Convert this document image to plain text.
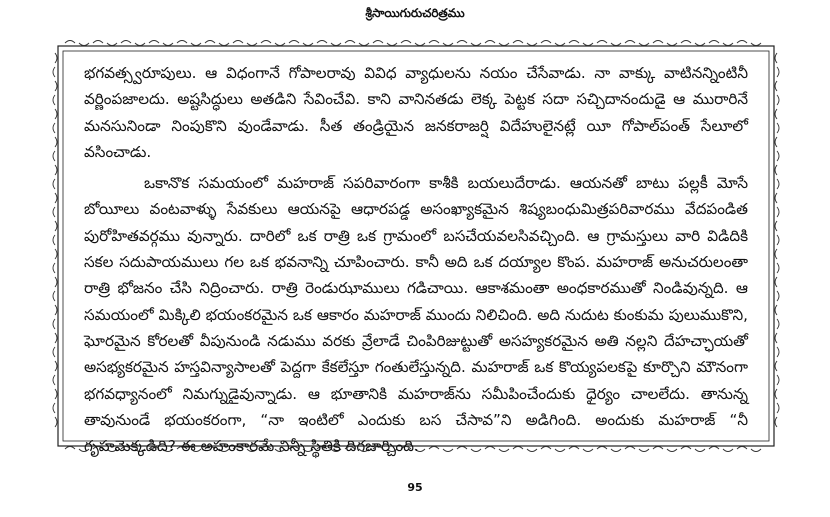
శ్రీసాయిగురుచరిత్రము

భగవత్స్వరూపులు. ఆ విధంగానే గోపాలరావు వివిధ వ్యాధులను నయం చేసేవాడు. నా వాక్కు వాటినన్నింటినీ వర్ణింపజాలదు. అష్టసిద్ధులు అతడిని సేవించేవి. కాని వానినతడు లెక్క పెట్టక సదా సచ్చిదానందుడై ఆ మురారినే మనసునిండా నింపుకొని వుండేవాడు. సీత తండ్రియైన జనకరాజర్షి విదేహులైనట్లే యీ గోపాల్‌పంత్ సేలూలో వసించాడు.

ఒకానొక సమయంలో మహరాజ్ సపరివారంగా కాశీకి బయలుదేరాడు. ఆయనతో బాటు పల్లకీ మోసే బోయీలు వంటవాళ్ళు సేవకులు ఆయనపై ఆధారపడ్డ అసంఖ్యాకమైన శిష్యబంధుమిత్రపరివారము వేదపండిత పురోహితవర్గము వున్నారు. దారిలో ఒక రాత్రి ఒక గ్రామంలో బసచేయవలసివచ్చింది. ఆ గ్రామస్తులు వారి విడిదికి సకల సదుపాయములు గల ఒక భవనాన్ని చూపించారు. కానీ అది ఒక దయ్యాల కొంప. మహరాజ్ అనుచరులంతా రాత్రి భోజనం చేసి నిద్రించారు. రాత్రి రెండుఝాములు గడిచాయి. ఆకాశమంతా అంధకారముతో నిండివున్నది. ఆ సమయంలో మిక్కిలి భయంకరమైన ఒక ఆకారం మహరాజ్ ముందు నిలిచింది. అది నుదుట కుంకుమ పులుముకొని, ఘోరమైన కోరలతో వీపునుండి నడుము వరకు వ్రేలాడే చింపిరిజుట్టుతో అసహ్యకరమైన అతి నల్లని దేహచ్ఛాయతో అసభ్యకరమైన హస్తవిన్యాసాలతో పెద్దగా కేకలేస్తూ గంతులేస్తున్నది. మహరాజ్ ఒక కొయ్యపలకపై కూర్చొని మౌనంగా భగవధ్యానంలో నిమగ్నుడైవున్నాడు. ఆ భూతానికి మహరాజ్‌ను సమీపించేందుకు ధైర్యం చాలలేదు. తానున్న తావునుండే భయంకరంగా, “నా ఇంటిలో ఎందుకు బస చేసావ”ని అడిగింది. అందుకు మహరాజ్ “నీ గృహమెక్కడిది? ఈ అహంకారమే నిన్నీ స్థితికి దిగజార్చింది.

95
